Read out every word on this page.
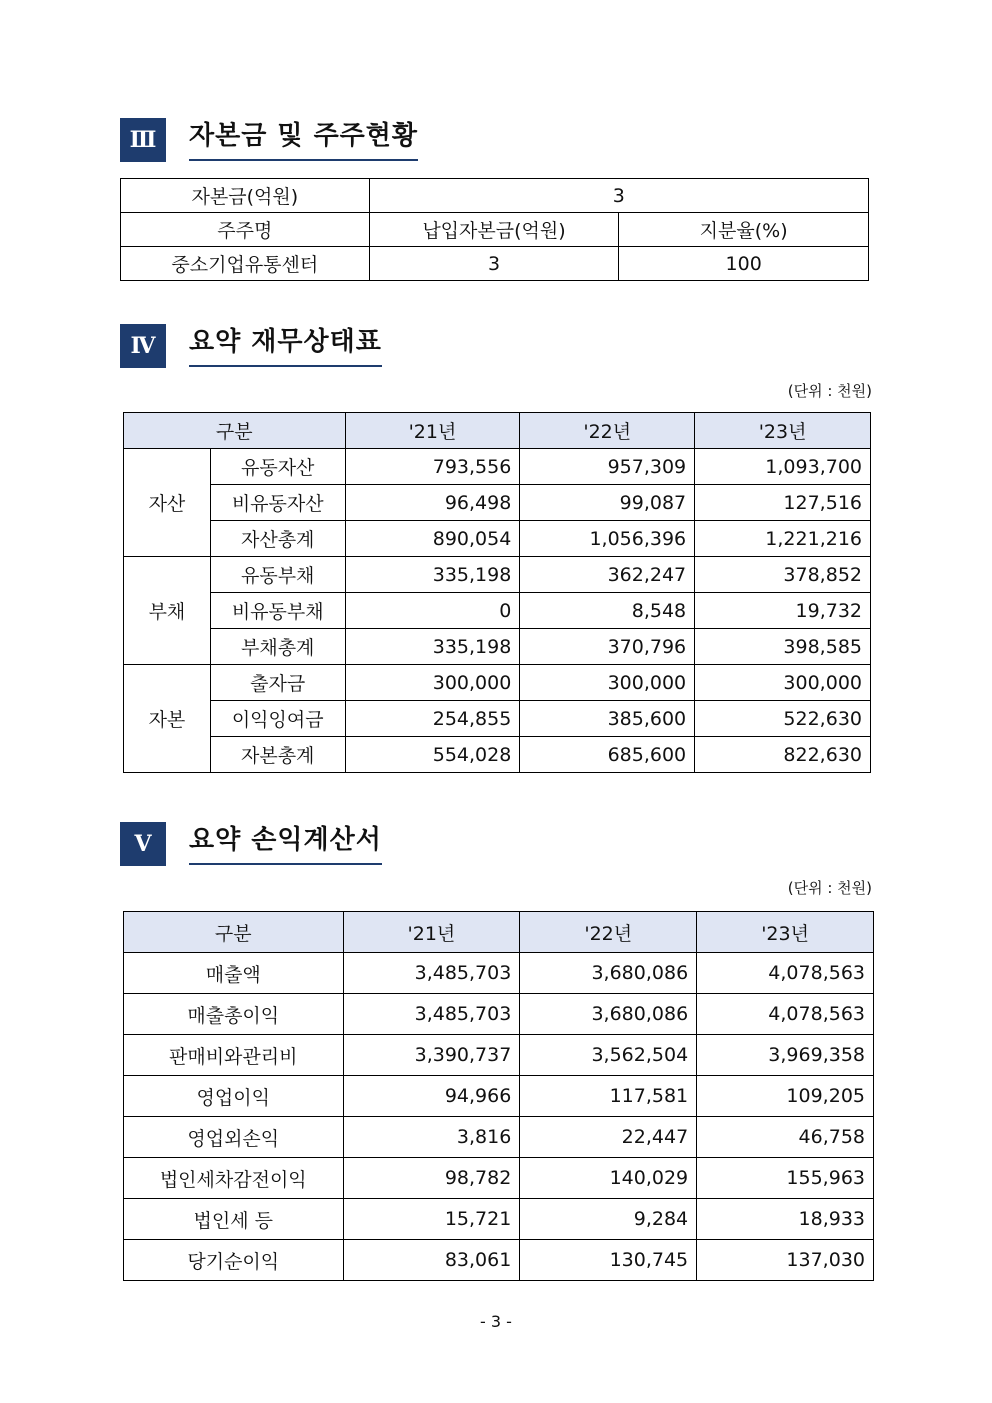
Ⅲ	자본금 및 주주현황
자본금(억원)	3	
주주명	납입자본금(억원)	지분율(%)
중소기업유통센터	3	100
Ⅳ	요약 재무상태표
(단위 : 천원)
구분		'21년	'22년	'23년
자산	유동자산	793,556	957,309	1,093,700
	비유동자산	96,498	99,087	127,516
	자산총계	890,054	1,056,396	1,221,216
부채	유동부채	335,198	362,247	378,852
	비유동부채	0	8,548	19,732
	부채총계	335,198	370,796	398,585
자본	출자금	300,000	300,000	300,000
	이익잉여금	254,855	385,600	522,630
	자본총계	554,028	685,600	822,630
Ⅴ	요약 손익계산서
(단위 : 천원)
구분	'21년	'22년	'23년
매출액	3,485,703	3,680,086	4,078,563
매출총이익	3,485,703	3,680,086	4,078,563
판매비와관리비	3,390,737	3,562,504	3,969,358
영업이익	94,966	117,581	109,205
영업외손익	3,816	22,447	46,758
법인세차감전이익	98,782	140,029	155,963
법인세 등	15,721	9,284	18,933
당기순이익	83,061	130,745	137,030
- 3 -
